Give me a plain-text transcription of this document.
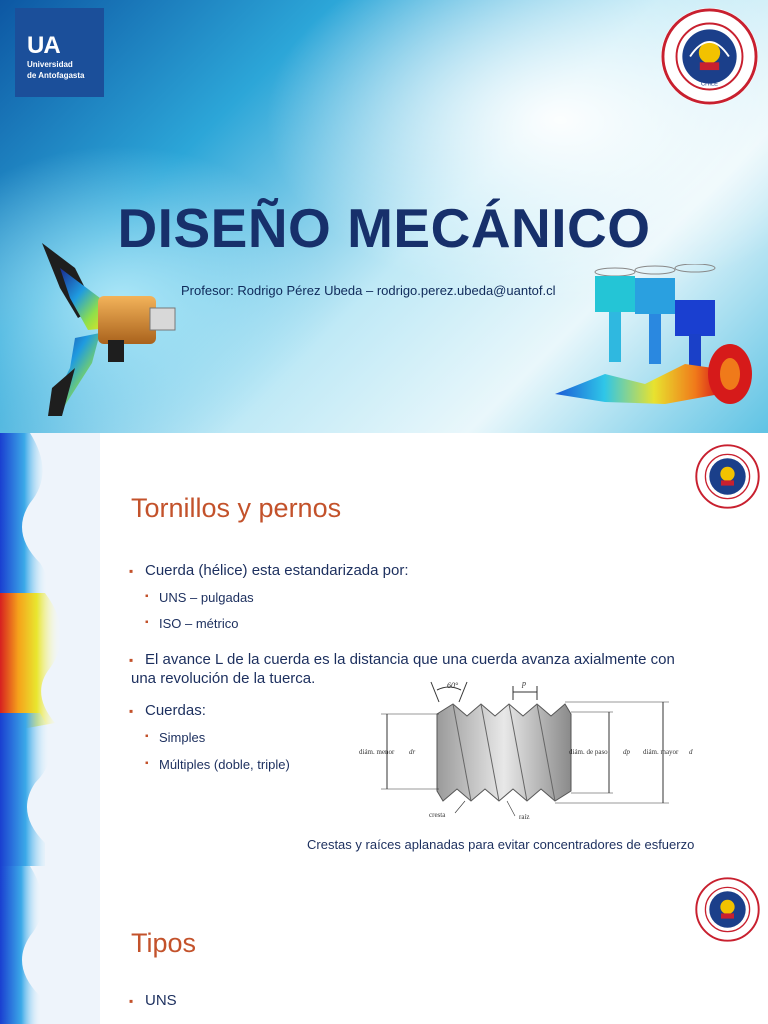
UA
Universidad
de Antofagasta
CHILE
DISEÑO MECÁNICO
Profesor: Rodrigo Pérez Ubeda – rodrigo.perez.ubeda@uantof.cl
Tornillos y pernos
▪ Cuerda (hélice) esta estandarizada por:
▪ UNS – pulgadas
▪ ISO – métrico
▪ El avance L de la cuerda es la distancia que una cuerda avanza axialmente con
una revolución de la tuerca.
▪ Cuerdas:
▪ Simples
▪ Múltiples (doble, triple)
60°	p
diám. menor dr	diám. de paso dp diám. mayor d
cresta	raíz
Crestas y raíces aplanadas para evitar concentradores de esfuerzo
Tipos
▪ UNS
